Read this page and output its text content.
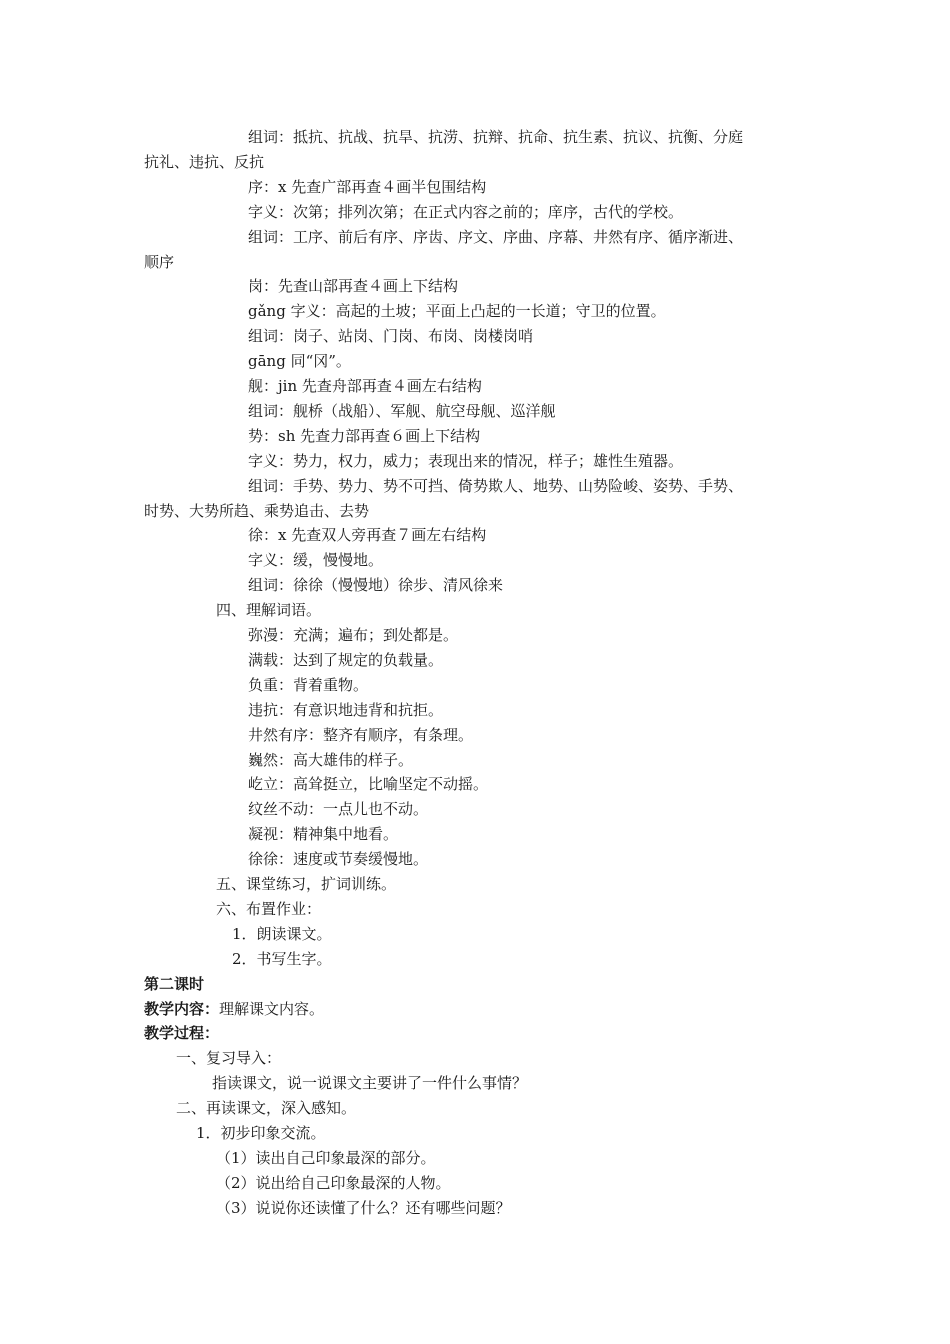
组词：抵抗、抗战、抗旱、抗涝、抗辩、抗命、抗生素、抗议、抗衡、分庭
抗礼、违抗、反抗
序：x 先查广部再查４画半包围结构
字义：次第；排列次第；在正式内容之前的；庠序，古代的学校。
组词：工序、前后有序、序齿、序文、序曲、序幕、井然有序、循序渐进、
顺序
岗：先查山部再查４画上下结构
gǎng 字义：高起的土坡；平面上凸起的一长道；守卫的位置。
组词：岗子、站岗、门岗、布岗、岗楼岗哨
gāng 同“冈”。
舰：jin 先查舟部再查４画左右结构
组词：舰桥（战船）、军舰、航空母舰、巡洋舰
势：sh 先查力部再查６画上下结构
字义：势力，权力，威力；表现出来的情况，样子；雄性生殖器。
组词：手势、势力、势不可挡、倚势欺人、地势、山势险峻、姿势、手势、
时势、大势所趋、乘势追击、去势
徐：x 先查双人旁再查７画左右结构
字义：缓，慢慢地。
组词：徐徐（慢慢地）徐步、清风徐来
四、理解词语。
弥漫：充满；遍布；到处都是。
满载：达到了规定的负载量。
负重：背着重物。
违抗：有意识地违背和抗拒。
井然有序：整齐有顺序，有条理。
巍然：高大雄伟的样子。
屹立：高耸挺立，比喻坚定不动摇。
纹丝不动：一点儿也不动。
凝视：精神集中地看。
徐徐：速度或节奏缓慢地。
五、课堂练习，扩词训练。
六、布置作业：
1．朗读课文。
2．书写生字。
第二课时
教学内容：理解课文内容。
教学过程：
一、复习导入：
指读课文，说一说课文主要讲了一件什么事情？
二、再读课文，深入感知。
1．初步印象交流。
（1）读出自己印象最深的部分。
（2）说出给自己印象最深的人物。
（3）说说你还读懂了什么？还有哪些问题？
